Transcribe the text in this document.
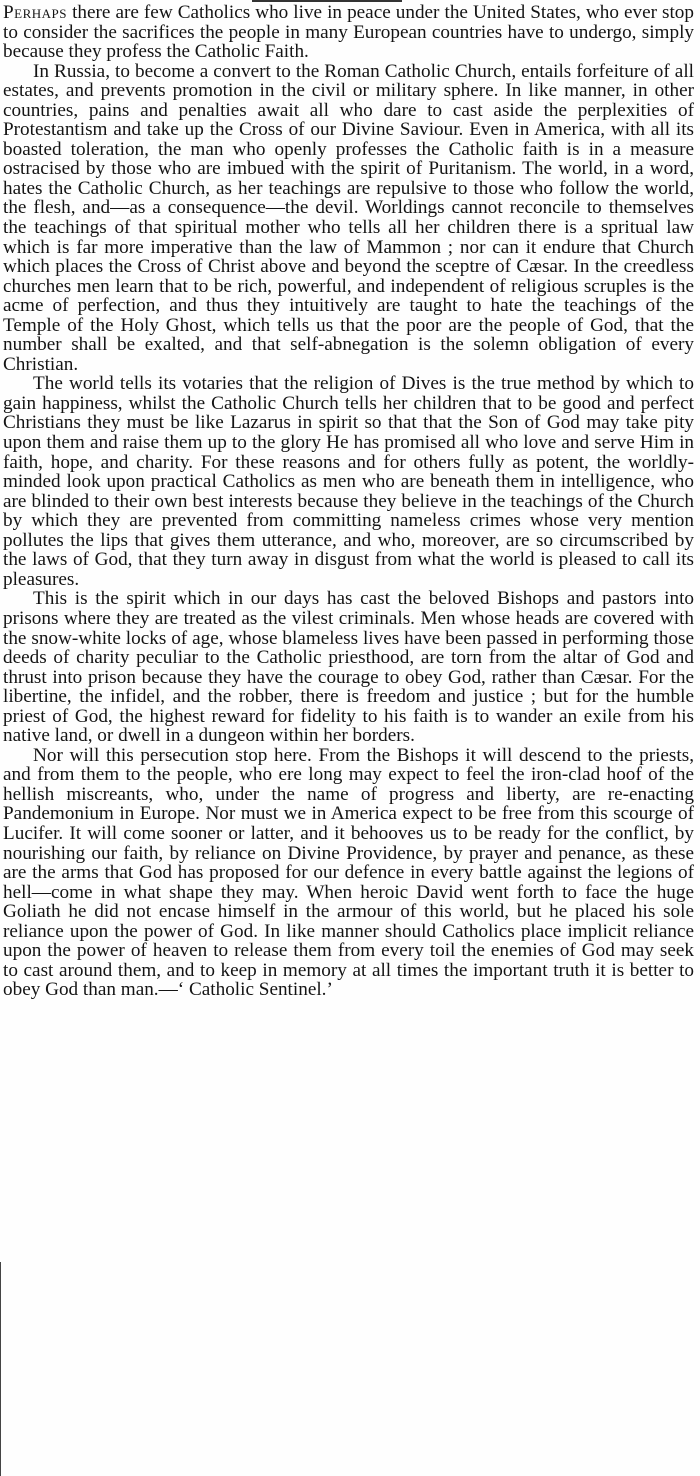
Perhaps there are few Catholics who live in peace under the United States, who ever stop to consider the sacrifices the people in many European countries have to undergo, simply because they profess the Catholic Faith.

In Russia, to become a convert to the Roman Catholic Church, entails forfeiture of all estates, and prevents promotion in the civil or military sphere. In like manner, in other countries, pains and penalties await all who dare to cast aside the perplexities of Protestantism and take up the Cross of our Divine Saviour. Even in America, with all its boasted toleration, the man who openly professes the Catholic faith is in a measure ostracised by those who are imbued with the spirit of Puritanism. The world, in a word, hates the Catholic Church, as her teachings are repulsive to those who follow the world, the flesh, and—as a consequence—the devil. Worldings cannot reconcile to themselves the teachings of that spiritual mother who tells all her children there is a spritual law which is far more imperative than the law of Mammon ; nor can it endure that Church which places the Cross of Christ above and beyond the sceptre of Cæsar. In the creedless churches men learn that to be rich, powerful, and independent of religious scruples is the acme of perfection, and thus they intuitively are taught to hate the teachings of the Temple of the Holy Ghost, which tells us that the poor are the people of God, that the number shall be exalted, and that self-abnegation is the solemn obligation of every Christian.

The world tells its votaries that the religion of Dives is the true method by which to gain happiness, whilst the Catholic Church tells her children that to be good and perfect Christians they must be like Lazarus in spirit so that that the Son of God may take pity upon them and raise them up to the glory He has promised all who love and serve Him in faith, hope, and charity. For these reasons and for others fully as potent, the worldly-minded look upon practical Catholics as men who are beneath them in intelligence, who are blinded to their own best interests because they believe in the teachings of the Church by which they are prevented from committing nameless crimes whose very mention pollutes the lips that gives them utterance, and who, moreover, are so circumscribed by the laws of God, that they turn away in disgust from what the world is pleased to call its pleasures.

This is the spirit which in our days has cast the beloved Bishops and pastors into prisons where they are treated as the vilest criminals. Men whose heads are covered with the snow-white locks of age, whose blameless lives have been passed in performing those deeds of charity peculiar to the Catholic priesthood, are torn from the altar of God and thrust into prison because they have the courage to obey God, rather than Cæsar. For the libertine, the infidel, and the robber, there is freedom and justice ; but for the humble priest of God, the highest reward for fidelity to his faith is to wander an exile from his native land, or dwell in a dungeon within her borders.

Nor will this persecution stop here. From the Bishops it will descend to the priests, and from them to the people, who ere long may expect to feel the iron-clad hoof of the hellish miscreants, who, under the name of progress and liberty, are re-enacting Pandemonium in Europe. Nor must we in America expect to be free from this scourge of Lucifer. It will come sooner or latter, and it behooves us to be ready for the conflict, by nourishing our faith, by reliance on Divine Providence, by prayer and penance, as these are the arms that God has proposed for our defence in every battle against the legions of hell—come in what shape they may. When heroic David went forth to face the huge Goliath he did not encase himself in the armour of this world, but he placed his sole reliance upon the power of God. In like manner should Catholics place implicit reliance upon the power of heaven to release them from every toil the enemies of God may seek to cast around them, and to keep in memory at all times the important truth it is better to obey God than man.—‘ Catholic Sentinel.’
